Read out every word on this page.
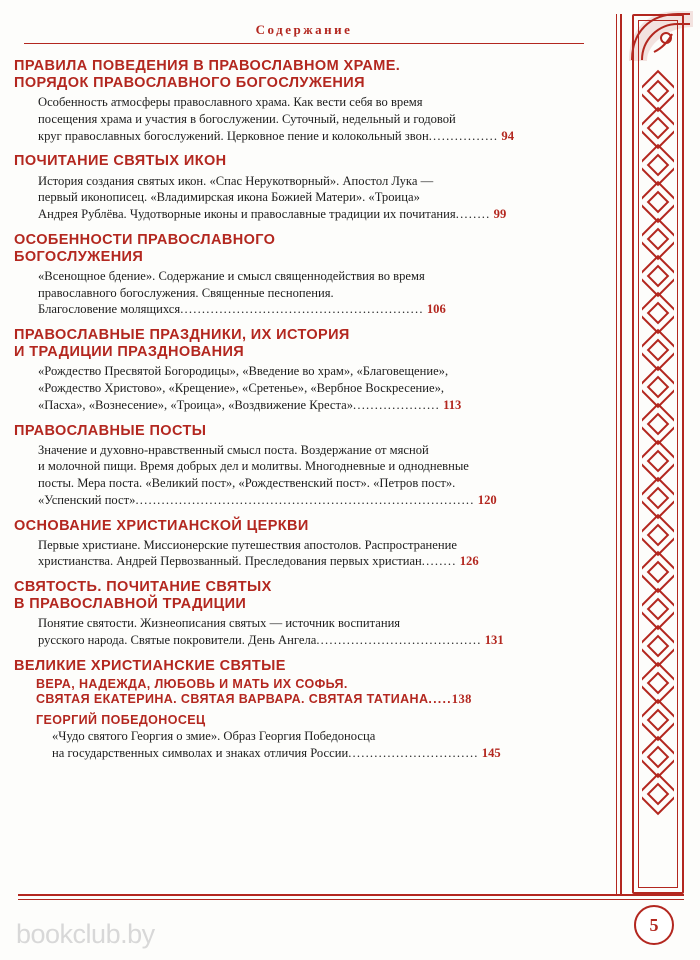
Содержание
ПРАВИЛА ПОВЕДЕНИЯ В ПРАВОСЛАВНОМ ХРАМЕ.
ПОРЯДОК ПРАВОСЛАВНОГО БОГОСЛУЖЕНИЯ
Особенность атмосферы православного храма. Как вести себя во время
посещения храма и участия в богослужении. Суточный, недельный и годовой
круг православных богослужений. Церковное пение и колокольный звон................ 94
ПОЧИТАНИЕ СВЯТЫХ ИКОН
История создания святых икон. «Спас Нерукотворный». Апостол Лука —
первый иконописец. «Владимирская икона Божией Матери». «Троица»
Андрея Рублёва. Чудотворные иконы и православные традиции их почитания........ 99
ОСОБЕННОСТИ ПРАВОСЛАВНОГО
БОГОСЛУЖЕНИЯ
«Всенощное бдение». Содержание и смысл священнодействия во время
православного богослужения. Священные песнопения.
Благословение молящихся........................................................ 106
ПРАВОСЛАВНЫЕ ПРАЗДНИКИ, ИХ ИСТОРИЯ
И ТРАДИЦИИ ПРАЗДНОВАНИЯ
«Рождество Пресвятой Богородицы», «Введение во храм», «Благовещение»,
«Рождество Христово», «Крещение», «Сретенье», «Вербное Воскресение»,
«Пасха», «Вознесение», «Троица», «Воздвижение Креста».................... 113
ПРАВОСЛАВНЫЕ ПОСТЫ
Значение и духовно-нравственный смысл поста. Воздержание от мясной
и молочной пищи. Время добрых дел и молитвы. Многодневные и однодневные
посты. Мера поста. «Великий пост», «Рождественский пост». «Петров пост».
«Успенский пост».............................................................................. 120
ОСНОВАНИЕ ХРИСТИАНСКОЙ ЦЕРКВИ
Первые христиане. Миссионерские путешествия апостолов. Распространение
христианства. Андрей Первозванный. Преследования первых христиан........ 126
СВЯТОСТЬ. ПОЧИТАНИЕ СВЯТЫХ
В ПРАВОСЛАВНОЙ ТРАДИЦИИ
Понятие святости. Жизнеописания святых — источник воспитания
русского народа. Святые покровители. День Ангела...................................... 131
ВЕЛИКИЕ ХРИСТИАНСКИЕ СВЯТЫЕ
ВЕРА, НАДЕЖДА, ЛЮБОВЬ И МАТЬ ИХ СОФЬЯ.
СВЯТАЯ ЕКАТЕРИНА. СВЯТАЯ ВАРВАРА. СВЯТАЯ ТАТИАНА.....138
ГЕОРГИЙ ПОБЕДОНОСЕЦ
«Чудо святого Георгия о змие». Образ Георгия Победоносца
на государственных символах и знаках отличия России.............................. 145
5
bookclub.by
